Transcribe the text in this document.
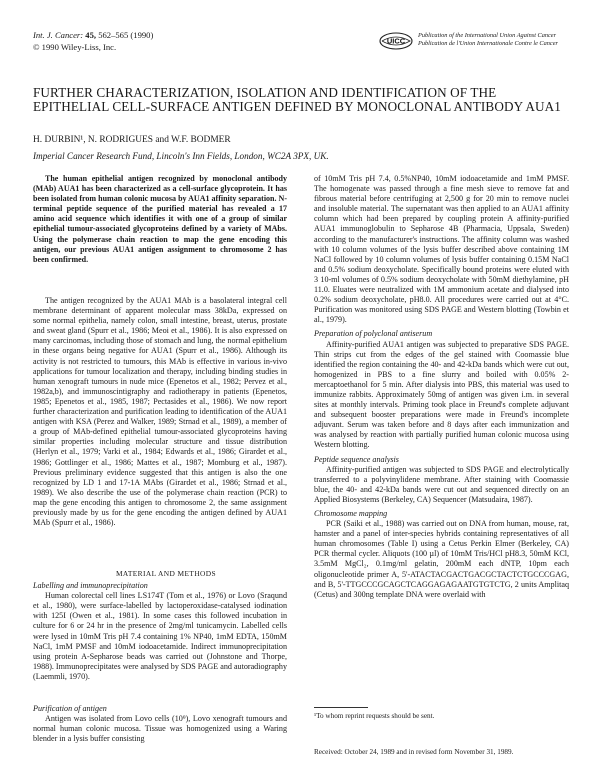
Int. J. Cancer: 45, 562–565 (1990)
© 1990 Wiley-Liss, Inc.
UICC
Publication of the International Union Against Cancer
Publication de l'Union Internationale Contre le Cancer
FURTHER CHARACTERIZATION, ISOLATION AND IDENTIFICATION OF THE EPITHELIAL CELL-SURFACE ANTIGEN DEFINED BY MONOCLONAL ANTIBODY AUA1
H. DURBIN¹, N. RODRIGUES and W.F. BODMER
Imperial Cancer Research Fund, Lincoln's Inn Fields, London, WC2A 3PX, UK.

The human epithelial antigen recognized by monoclonal antibody (MAb) AUA1 has been characterized as a cell-surface glycoprotein. It has been isolated from human colonic mucosa by AUA1 affinity separation. N-terminal peptide sequence of the purified material has revealed a 17 amino acid sequence which identifies it with one of a group of similar epithelial tumour-associated glycoproteins defined by a variety of MAbs. Using the polymerase chain reaction to map the gene encoding this antigen, our previous AUA1 antigen assignment to chromosome 2 has been confirmed.

The antigen recognized by the AUA1 MAb is a basolateral integral cell membrane determinant of apparent molecular mass 38kDa, expressed on some normal epithelia, namely colon, small intestine, breast, uterus, prostate and sweat gland (Spurr et al., 1986; Meoi et al., 1986). It is also expressed on many carcinomas, including those of stomach and lung, the normal epithelium in these organs being negative for AUA1 (Spurr et al., 1986). Although its activity is not restricted to tumours, this MAb is effective in various in-vivo applications for tumour localization and therapy, including binding studies in human xenograft tumours in nude mice (Epenetos et al., 1982; Pervez et al., 1982a,b), and immunoscintigraphy and radiotherapy in patients (Epenetos, 1985; Epenetos et al., 1985, 1987; Pectasides et al., 1986). We now report further characterization and purification leading to identification of the AUA1 antigen with KSA (Perez and Walker, 1989; Strnad et al., 1989), a member of a group of MAb-defined epithelial tumour-associated glycoproteins having similar properties including molecular structure and tissue distribution (Herlyn et al., 1979; Varki et al., 1984; Edwards et al., 1986; Girardet et al., 1986; Gottlinger et al., 1986; Mattes et al., 1987; Momburg et al., 1987). Previous preliminary evidence suggested that this antigen is also the one recognized by LD 1 and 17-1A MAbs (Girardet et al., 1986; Strnad et al., 1989). We also describe the use of the polymerase chain reaction (PCR) to map the gene encoding this antigen to chromosome 2, the same assignment previously made by us for the gene encoding the antigen defined by AUA1 MAb (Spurr et al., 1986).

MATERIAL AND METHODS

Labelling and immunoprecipitation

Human colorectal cell lines LS174T (Tom et al., 1976) or Lovo (Sraqund et al., 1980), were surface-labelled by lactoperoxidase-catalysed iodination with 125I (Owen et al., 1981). In some cases this followed incubation in culture for 6 or 24 hr in the presence of 2mg/ml tunicamycin. Labelled cells were lysed in 10mM Tris pH 7.4 containing 1% NP40, 1mM EDTA, 150mM NaCl, 1mM PMSF and 10mM iodoacetamide. Indirect immunoprecipitation using protein A-Sepharose beads was carried out (Johnstone and Thorpe, 1988). Immunoprecipitates were analysed by SDS PAGE and autoradiography (Laemmli, 1970).

Purification of antigen

Antigen was isolated from Lovo cells (10⁹), Lovo xenograft tumours and normal human colonic mucosa. Tissue was homogenized using a Waring blender in a lysis buffer consisting

of 10mM Tris pH 7.4, 0.5%NP40, 10mM iodoacetamide and 1mM PMSF. The homogenate was passed through a fine mesh sieve to remove fat and fibrous material before centrifuging at 2,500 g for 20 min to remove nuclei and insoluble material. The supernatant was then applied to an AUA1 affinity column which had been prepared by coupling protein A affinity-purified AUA1 immunoglobulin to Sepharose 4B (Pharmacia, Uppsala, Sweden) according to the manufacturer's instructions. The affinity column was washed with 10 column volumes of the lysis buffer described above containing 1M NaCl followed by 10 column volumes of lysis buffer containing 0.15M NaCl and 0.5% sodium deoxycholate. Specifically bound proteins were eluted with 3 10-ml volumes of 0.5% sodium deoxycholate with 50mM diethylamine, pH 11.0. Eluates were neutralized with 1M ammonium acetate and dialysed into 0.2% sodium deoxycholate, pH8.0. All procedures were carried out at 4°C. Purification was monitored using SDS PAGE and Western blotting (Towbin et al., 1979).

Preparation of polyclonal antiserum

Affinity-purified AUA1 antigen was subjected to preparative SDS PAGE. Thin strips cut from the edges of the gel stained with Coomassie blue identified the region containing the 40- and 42-kDa bands which were cut out, homogenized in PBS to a fine slurry and boiled with 0.05% 2-mercaptoethanol for 5 min. After dialysis into PBS, this material was used to immunize rabbits. Approximately 50mg of antigen was given i.m. in several sites at monthly intervals. Priming took place in Freund's complete adjuvant and subsequent booster preparations were made in Freund's incomplete adjuvant. Serum was taken before and 8 days after each immunization and was analysed by reaction with partially purified human colonic mucosa using Western blotting.

Peptide sequence analysis

Affinity-purified antigen was subjected to SDS PAGE and electrolytically transferred to a polyvinylidene membrane. After staining with Coomassie blue, the 40- and 42-kDa bands were cut out and sequenced directly on an Applied Biosystems (Berkeley, CA) Sequencer (Matsudaira, 1987).

Chromosome mapping

PCR (Saiki et al., 1988) was carried out on DNA from human, mouse, rat, hamster and a panel of inter-species hybrids containing representatives of all human chromosomes (Table I) using a Cetus Perkin Elmer (Berkeley, CA) PCR thermal cycler. Aliquots (100 µl) of 10mM Tris/HCl pH8.3, 50mM KCl, 3.5mM MgCl₂, 0.1mg/ml gelatin, 200mM each dNTP, 10pm each oligonucleotide primer A, 5'-ATACTACGACTGACGCTACTCTGCCCGAG, and B, 5'-TTGCCCGCAGCTCAGGAGAGAATGTGTCTG, 2 units Amplitaq (Cetus) and 300ng template DNA were overlaid with

¹To whom reprint requests should be sent.
Received: October 24, 1989 and in revised form November 31, 1989.
